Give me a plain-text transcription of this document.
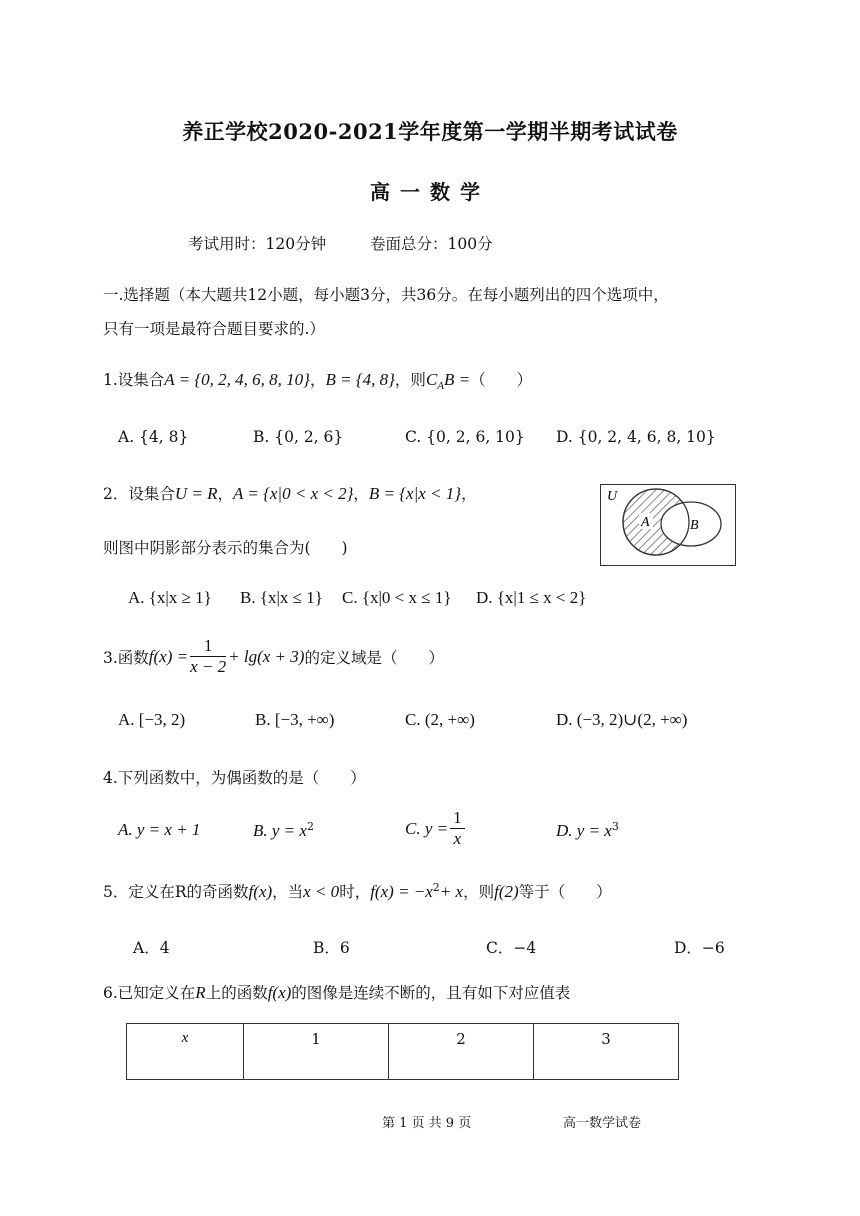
养正学校2020-2021学年度第一学期半期考试试卷
高一数学
考试用时：120分钟	卷面总分：100分
一.选择题（本大题共12小题，每小题3分，共36分。在每小题列出的四个选项中，
只有一项是最符合题目要求的.）
1.设集合A = {0, 2, 4, 6, 8, 10}，B = {4, 8}，则$C_AB$ =（　　）
A. {4, 8}	B. {0, 2, 6}	C. {0, 2, 6, 10} D. {0, 2, 4, 6, 8, 10}
2．设集合U = R，A = {x|0 < x < 2}，B = {x|x < 1}，
则图中阴影部分表示的集合为(　　)
U
A	B
A. {x|x ≥ 1} B. {x|x ≤ 1} C. {x|0 < x ≤ 1} D. {x|1 ≤ x < 2}
3.函数 $f(x) = \frac{1}{x - 2} + \lg(x + 3)$ 的定义域是（　　）
A. [−3, 2)	B. [−3, +∞)	C. (2, +∞)	D. (−3, 2)∪(2, +∞)
4.下列函数中，为偶函数的是（　　）
A. y = x + 1	B. $y = x^2$	C. $y = \frac{1}{x}$	D. $y = x^3$
5．定义在R的奇函数f(x)，当x < 0时，$f(x) = -x^2+ x$，则f(2)等于（　　）
A．4	B．6	C．−4	D．−6
6.已知定义在R上的函数f(x)的图像是连续不断的，且有如下对应值表
x	1	2	3
第 1 页 共 9 页	高一数学试卷
